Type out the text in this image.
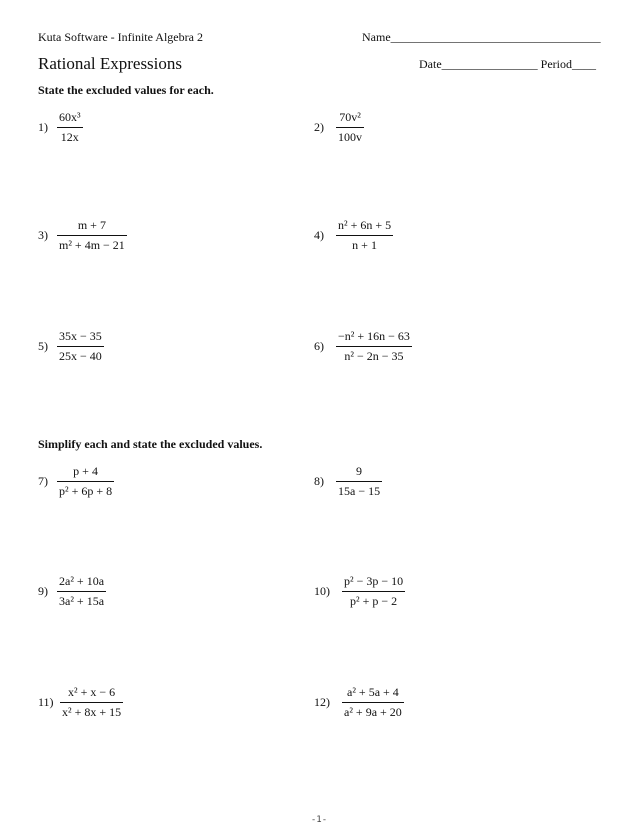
Kuta Software - Infinite Algebra 2	Name___________________________________
Rational Expressions	Date________________ Period____
State the excluded values for each.
$1) \frac{\text{60x³}}{12x}$	$2) \frac{\text{70v²}}{100v}$
$3) \frac{m + 7}{\text{m² + 4m − 21}}$	$4) \frac{\text{n² + 6n + 5}}{n + 1}$
$5) \frac{35x - 35}{25x - 40}$	$6) \frac{\text{−n² + 16n − 63}}{\text{n² − 2n − 35}}$
Simplify each and state the excluded values.
$7) \frac{p + 4}{\text{p² + 6p + 8}}$	$8) \frac{9}{15a - 15}$
$9) \frac{\text{2a² + 10a}}{\text{3a² + 15a}}$	$10) \frac{\text{p² − 3p − 10}}{\text{p² + p − 2}}$
$11) \frac{\text{x² + x − 6}}{\text{x² + 8x + 15}}$	$12) \frac{\text{a² + 5a + 4}}{\text{a² + 9a + 20}}$
-1-
